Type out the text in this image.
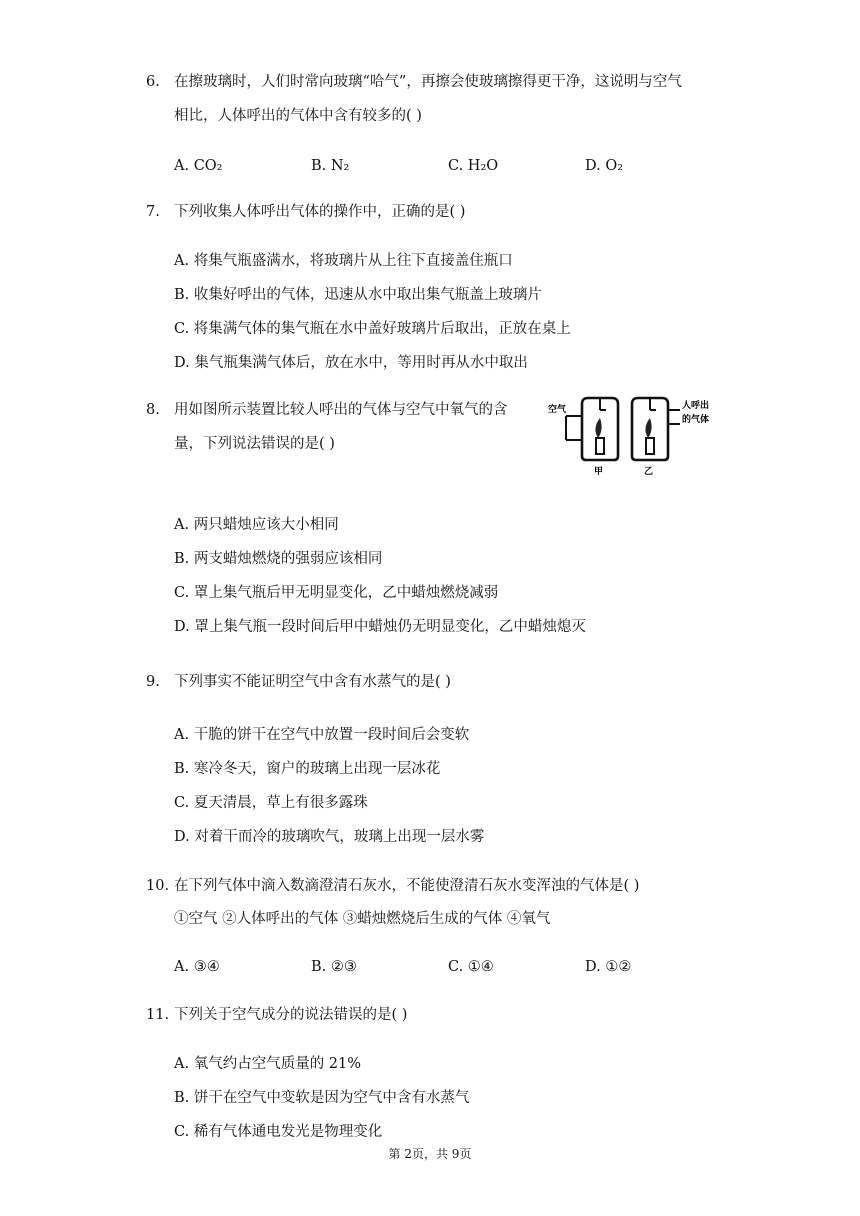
6. 在擦玻璃时，人们时常向玻璃“哈气”，再擦会使玻璃擦得更干净，这说明与空气
相比，人体呼出的气体中含有较多的( )
A. CO₂	B. N₂	C. H₂O	D. O₂
7. 下列收集人体呼出气体的操作中，正确的是( )
A. 将集气瓶盛满水，将玻璃片从上往下直接盖住瓶口
B. 收集好呼出的气体，迅速从水中取出集气瓶盖上玻璃片
C. 将集满气体的集气瓶在水中盖好玻璃片后取出，正放在桌上
D. 集气瓶集满气体后，放在水中，等用时再从水中取出
8. 用如图所示装置比较人呼出的气体与空气中氧气的含
量，下列说法错误的是( )
空气
甲	乙
人呼出
的气体
A. 两只蜡烛应该大小相同
B. 两支蜡烛燃烧的强弱应该相同
C. 罩上集气瓶后甲无明显变化，乙中蜡烛燃烧减弱
D. 罩上集气瓶一段时间后甲中蜡烛仍无明显变化，乙中蜡烛熄灭
9. 下列事实不能证明空气中含有水蒸气的是( )
A. 干脆的饼干在空气中放置一段时间后会变软
B. 寒冷冬天，窗户的玻璃上出现一层冰花
C. 夏天清晨，草上有很多露珠
D. 对着干而冷的玻璃吹气，玻璃上出现一层水雾
10. 在下列气体中滴入数滴澄清石灰水，不能使澄清石灰水变浑浊的气体是( )
①空气 ②人体呼出的气体 ③蜡烛燃烧后生成的气体 ④氧气
A. ③④	B. ②③	C. ①④	D. ①②
11. 下列关于空气成分的说法错误的是( )
A. 氧气约占空气质量的 21%
B. 饼干在空气中变软是因为空气中含有水蒸气
C. 稀有气体通电发光是物理变化
第 2页，共 9页
